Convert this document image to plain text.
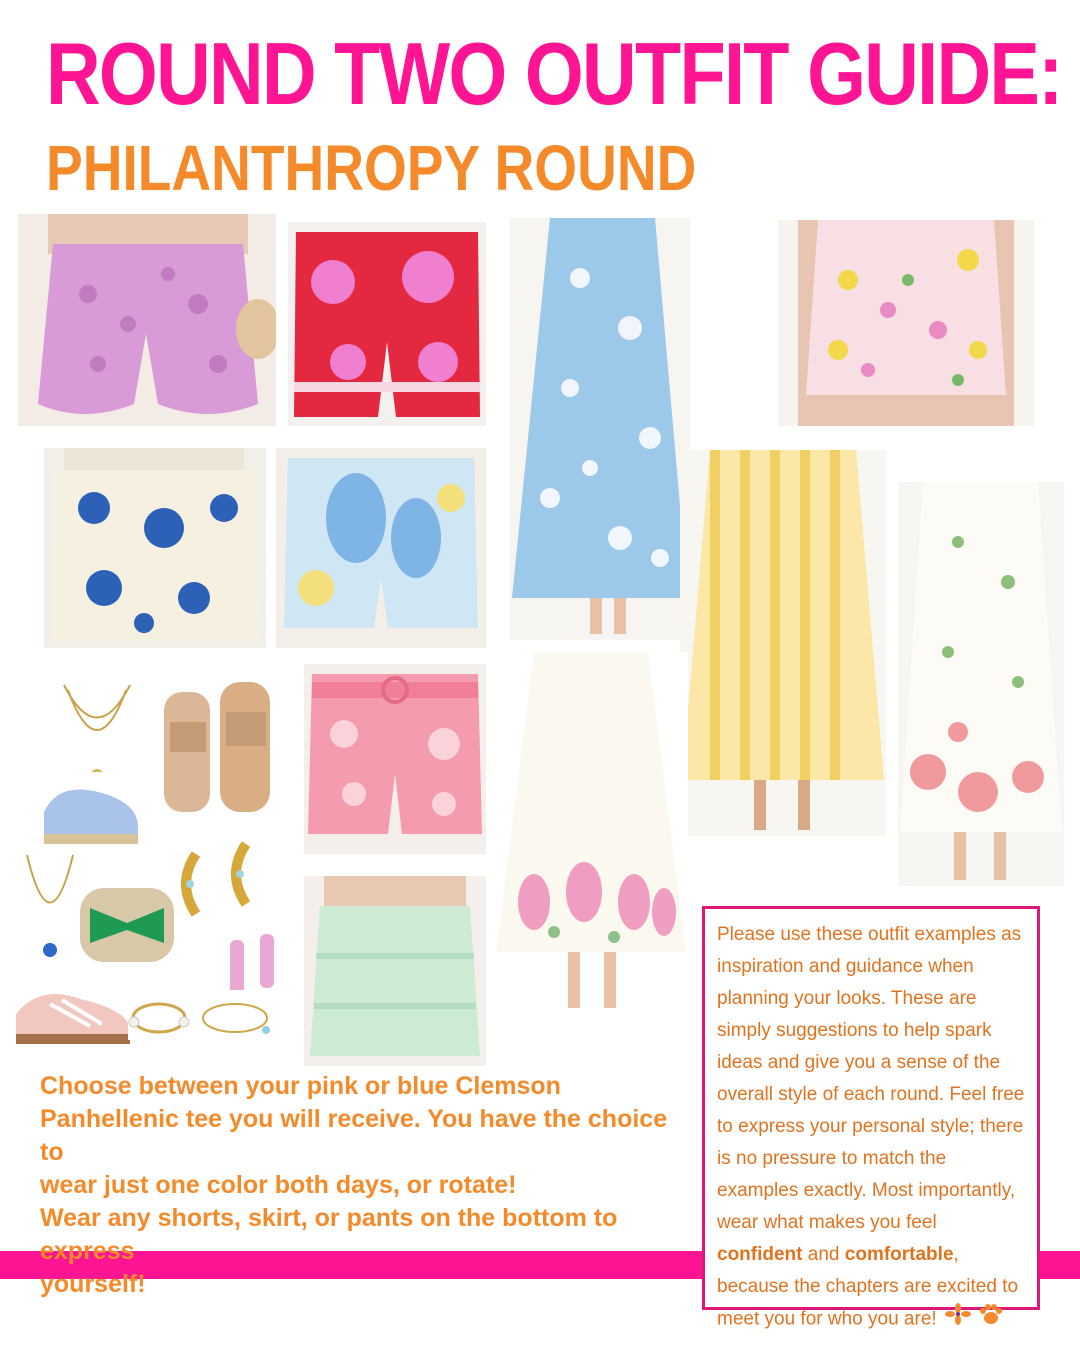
ROUND TWO OUTFIT GUIDE:
PHILANTHROPY ROUND

Choose between your pink or blue Clemson
Panhellenic tee you will receive. You have the choice to
wear just one color both days, or rotate!
Wear any shorts, skirt, or pants on the bottom to express
yourself!

Please use these outfit examples as inspiration and guidance when planning your looks. These are simply suggestions to help spark ideas and give you a sense of the overall style of each round. Feel free to express your personal style; there is no pressure to match the examples exactly. Most importantly, wear what makes you feel confident and comfortable, because the chapters are excited to meet you for who you are!
